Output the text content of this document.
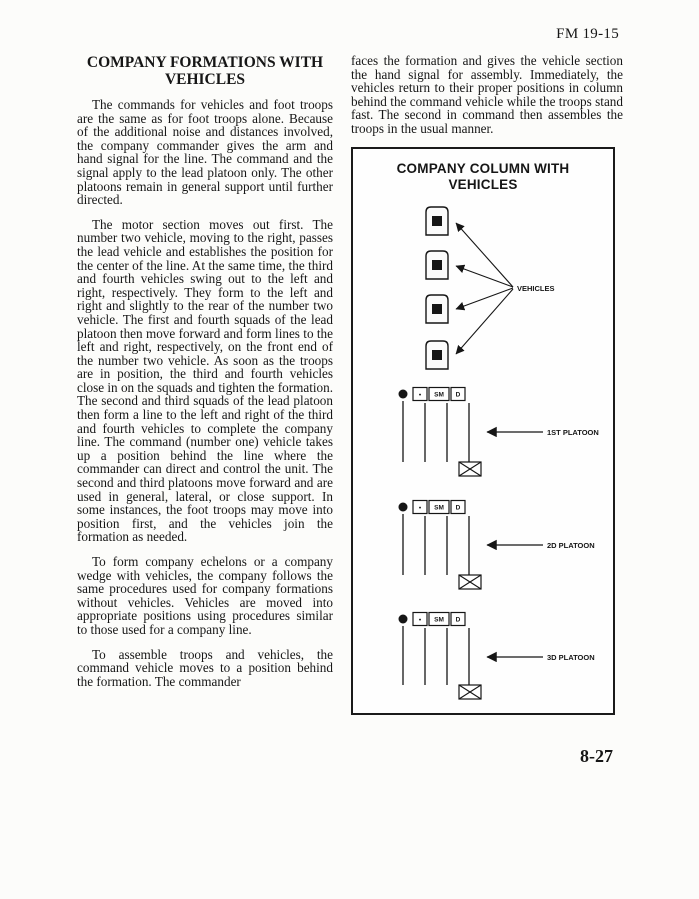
FM 19-15
COMPANY FORMATIONS WITH
VEHICLES

The commands for vehicles and foot troops are the same as for foot troops alone. Because of the additional noise and distances involved, the company commander gives the arm and hand signal for the line. The command and the signal apply to the lead platoon only. The other platoons remain in general support until further directed.

The motor section moves out first. The number two vehicle, moving to the right, passes the lead vehicle and establishes the position for the center of the line. At the same time, the third and fourth vehicles swing out to the left and right, respectively. They form to the left and right and slightly to the rear of the number two vehicle. The first and fourth squads of the lead platoon then move forward and form lines to the left and right, respectively, on the front end of the number two vehicle. As soon as the troops are in position, the third and fourth vehicles close in on the squads and tighten the formation. The second and third squads of the lead platoon then form a line to the left and right of the third and fourth vehicles to complete the company line. The command (number one) vehicle takes up a position behind the line where the commander can direct and control the unit. The second and third platoons move forward and are used in general, lateral, or close support. In some instances, the foot troops may move into position first, and the vehicles join the formation as needed.

To form company echelons or a company wedge with vehicles, the company follows the same procedures used for company formations without vehicles. Vehicles are moved into appropriate positions using procedures similar to those used for a company line.

To assemble troops and vehicles, the command vehicle moves to a position behind the formation. The commander

faces the formation and gives the vehicle section the hand signal for assembly. Immediately, the vehicles return to their proper positions in column behind the command vehicle while the troops stand fast. The second in command then assembles the troops in the usual manner.

COMPANY COLUMN WITH
VEHICLES
1
2
3
4
VEHICLES
• SM D
1ST PLATOON
• SM D
2D PLATOON
• SM D
3D PLATOON
8-27
